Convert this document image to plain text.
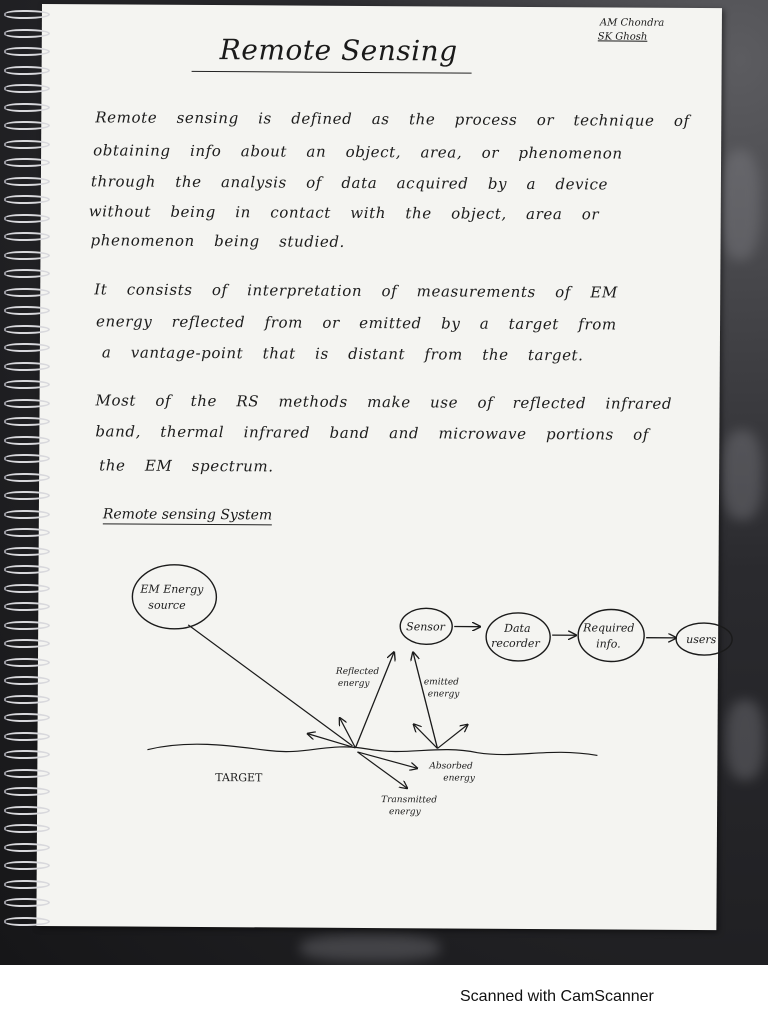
AM Chondra
SK Ghosh
Remote Sensing
Remote sensing is defined as the process or technique of
obtaining info about an object, area, or phenomenon
through the analysis of data acquired by a device
without being in contact with the object, area or
phenomenon being studied.
It consists of interpretation of measurements of EM
energy reflected from or emitted by a target from
a vantage-point that is distant from the target.
Most of the RS methods make use of reflected infrared
band, thermal infrared band and microwave portions of
the EM spectrum.
Remote sensing System
EM Energy
source
Sensor	Data
recorder
Required
info.	users
Reflected
energy	emitted
energy
TARGET
Absorbed
energy
Transmitted
energy
Scanned with CamScanner
